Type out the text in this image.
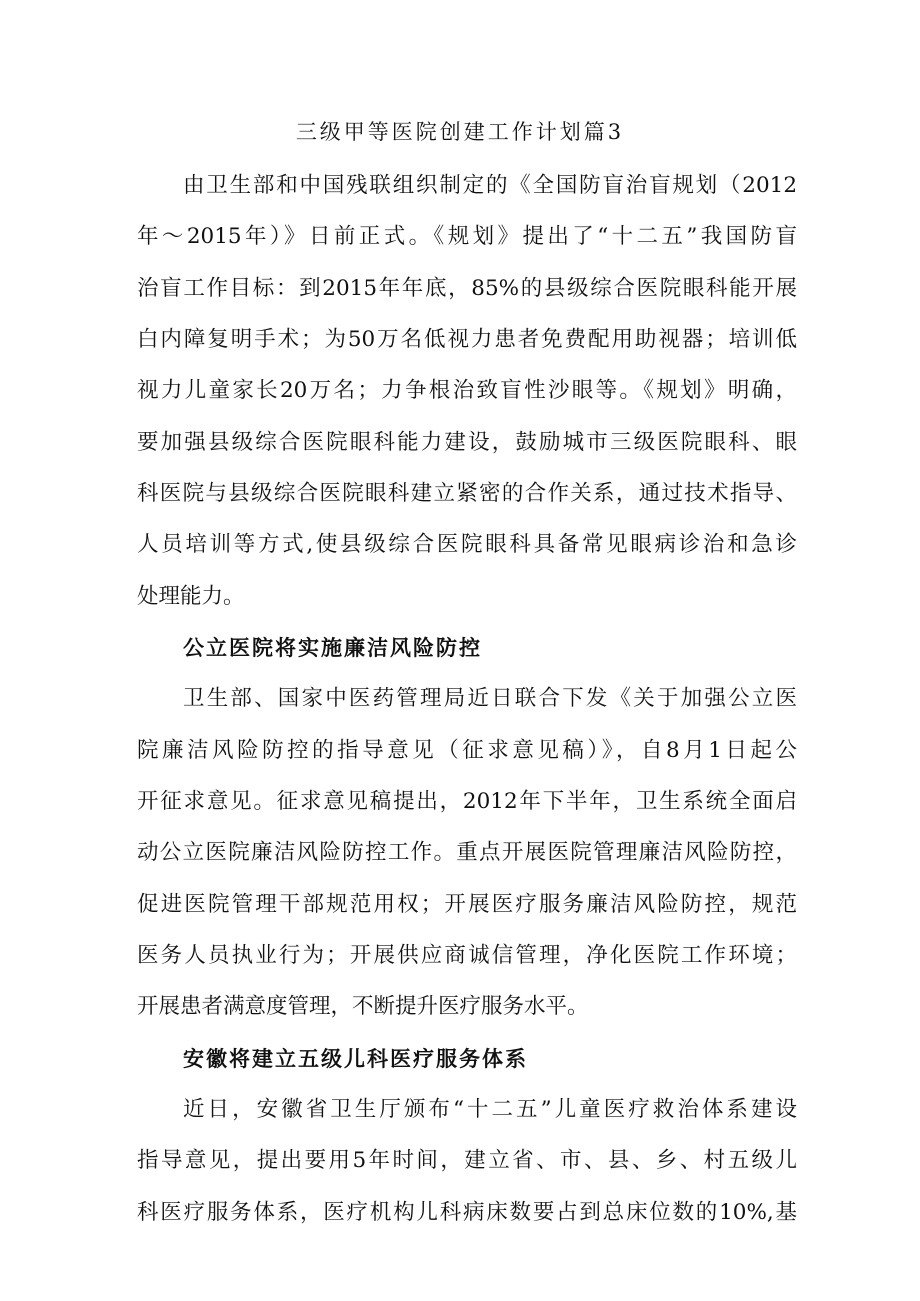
三级甲等医院创建工作计划篇3

由卫生部和中国残联组织制定的《全国防盲治盲规划（2012

年～2015年）》日前正式。《规划》提出了“十二五”我国防盲

治盲工作目标：到2015年年底，85%的县级综合医院眼科能开展

白内障复明手术；为50万名低视力患者免费配用助视器；培训低

视力儿童家长20万名；力争根治致盲性沙眼等。《规划》明确，

要加强县级综合医院眼科能力建设，鼓励城市三级医院眼科、眼

科医院与县级综合医院眼科建立紧密的合作关系，通过技术指导、

人员培训等方式,使县级综合医院眼科具备常见眼病诊治和急诊

处理能力。

公立医院将实施廉洁风险防控

卫生部、国家中医药管理局近日联合下发《关于加强公立医

院廉洁风险防控的指导意见（征求意见稿）》，自8月1日起公

开征求意见。征求意见稿提出，2012年下半年，卫生系统全面启

动公立医院廉洁风险防控工作。重点开展医院管理廉洁风险防控，

促进医院管理干部规范用权；开展医疗服务廉洁风险防控，规范

医务人员执业行为；开展供应商诚信管理，净化医院工作环境；

开展患者满意度管理，不断提升医疗服务水平。

安徽将建立五级儿科医疗服务体系

近日，安徽省卫生厅颁布“十二五”儿童医疗救治体系建设

指导意见，提出要用5年时间，建立省、市、县、乡、村五级儿

科医疗服务体系，医疗机构儿科病床数要占到总床位数的10%,基
